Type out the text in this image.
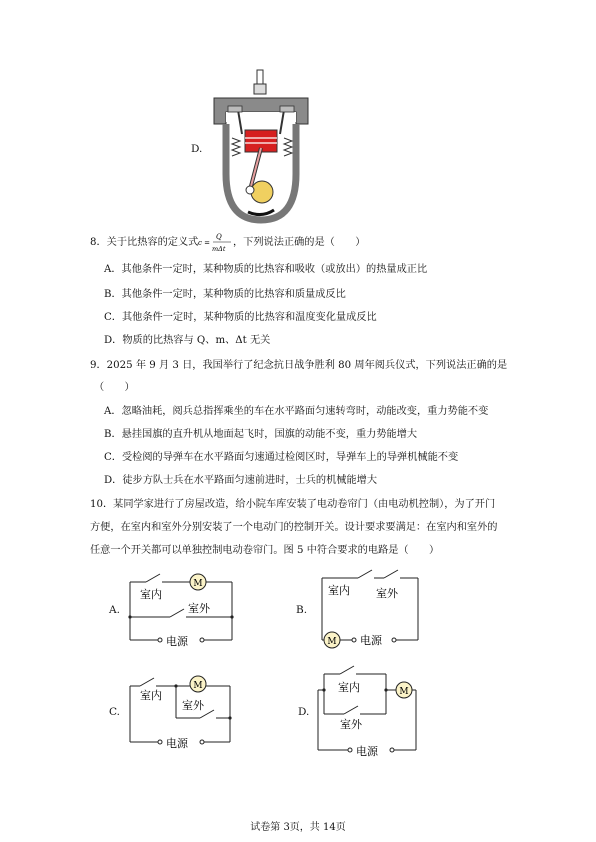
D.
8．关于比热容的定义式 c =
Q
mΔt
，下列说法正确的是（　　）
A．其他条件一定时，某种物质的比热容和吸收（或放出）的热量成正比
B．其他条件一定时，某种物质的比热容和质量成反比
C．其他条件一定时，某种物质的比热容和温度变化量成反比
D．物质的比热容与 Q、m、Δt 无关
9．2025 年 9 月 3 日，我国举行了纪念抗日战争胜利 80 周年阅兵仪式，下列说法正确的是
（　　）
A．忽略油耗，阅兵总指挥乘坐的车在水平路面匀速转弯时，动能改变，重力势能不变
B．悬挂国旗的直升机从地面起飞时，国旗的动能不变，重力势能增大
C．受检阅的导弹车在水平路面匀速通过检阅区时，导弹车上的导弹机械能不变
D．徒步方队士兵在水平路面匀速前进时，士兵的机械能增大
10．某同学家进行了房屋改造，给小院车库安装了电动卷帘门（由电动机控制），为了开门
方便，在室内和室外分别安装了一个电动门的控制开关。设计要求要满足：在室内和室外的
任意一个开关都可以单独控制电动卷帘门。图 5 中符合要求的电路是（　　）
A.
M
室内
室外
电源
B.
M
室内 室外
电源
C.
M
室内
室外
电源
D.
M
室内
室外
电源
试卷第 3页，共 14页
